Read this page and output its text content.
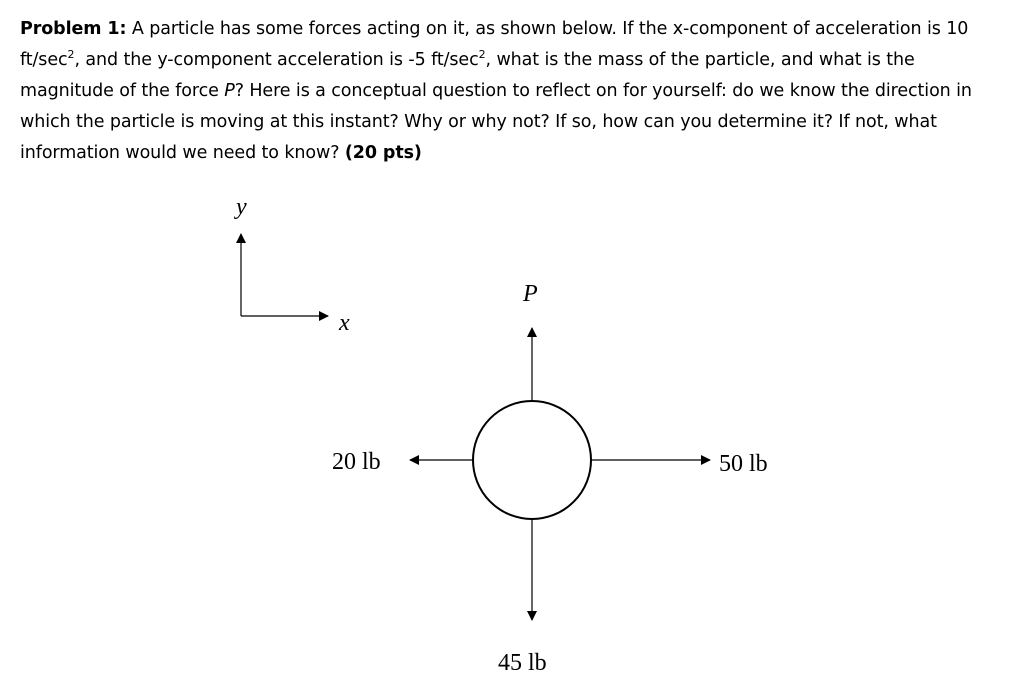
Problem 1: A particle has some forces acting on it, as shown below. If the x-component of acceleration is 10 $ft/\sec^2$, and the y-component acceleration is -5 $ft/\sec^2$, what is the mass of the particle, and what is the magnitude of the force P? Here is a conceptual question to reflect on for yourself: do we know the direction in which the particle is moving at this instant? Why or why not? If so, how can you determine it? If not, what information would we need to know? (20 pts)
y
x
P
20 lb	50 lb
45 lb
